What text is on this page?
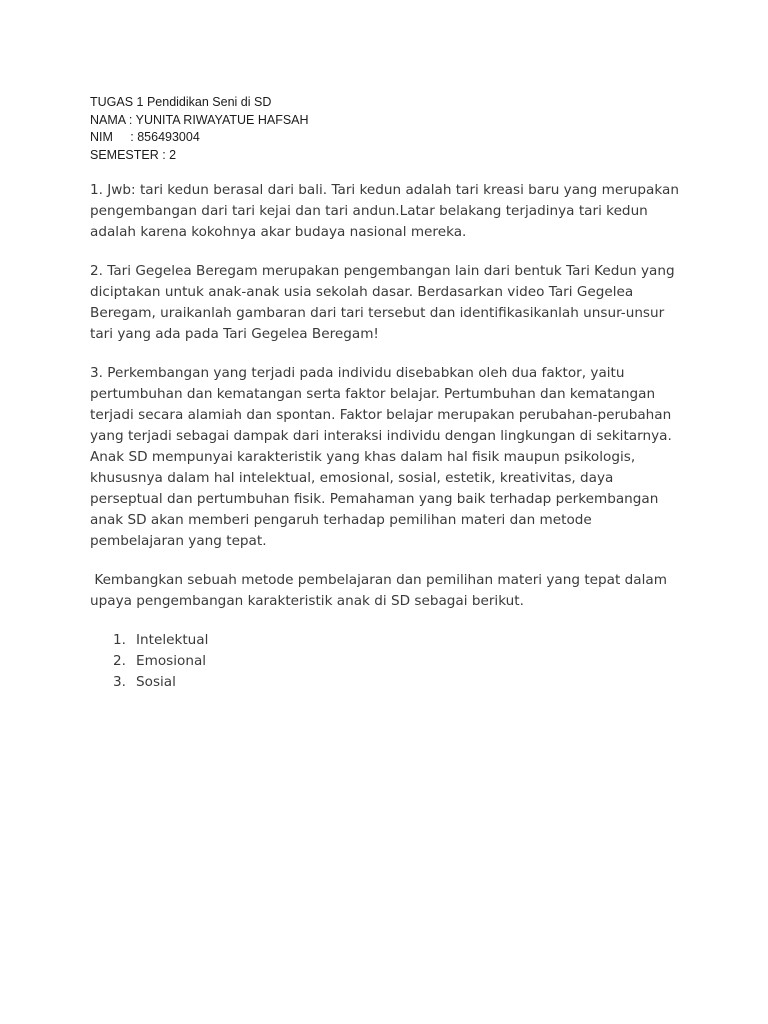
TUGAS 1 Pendidikan Seni di SD
NAMA : YUNITA RIWAYATUE HAFSAH
NIM     : 856493004
SEMESTER : 2

1. Jwb: tari kedun berasal dari bali. Tari kedun adalah tari kreasi baru yang merupakan pengembangan dari tari kejai dan tari andun.Latar belakang terjadinya tari kedun adalah karena kokohnya akar budaya nasional mereka.

2. Tari Gegelea Beregam merupakan pengembangan lain dari bentuk Tari Kedun yang diciptakan untuk anak-anak usia sekolah dasar. Berdasarkan video Tari Gegelea Beregam, uraikanlah gambaran dari tari tersebut dan identifikasikanlah unsur-unsur tari yang ada pada Tari Gegelea Beregam!

3. Perkembangan yang terjadi pada individu disebabkan oleh dua faktor, yaitu pertumbuhan dan kematangan serta faktor belajar. Pertumbuhan dan kematangan terjadi secara alamiah dan spontan. Faktor belajar merupakan perubahan-perubahan yang terjadi sebagai dampak dari interaksi individu dengan lingkungan di sekitarnya. Anak SD mempunyai karakteristik yang khas dalam hal fisik maupun psikologis, khususnya dalam hal intelektual, emosional, sosial, estetik, kreativitas, daya perseptual dan pertumbuhan fisik. Pemahaman yang baik terhadap perkembangan anak SD akan memberi pengaruh terhadap pemilihan materi dan metode pembelajaran yang tepat.

Kembangkan sebuah metode pembelajaran dan pemilihan materi yang tepat dalam upaya pengembangan karakteristik anak di SD sebagai berikut.

1. Intelektual
2. Emosional
3. Sosial
